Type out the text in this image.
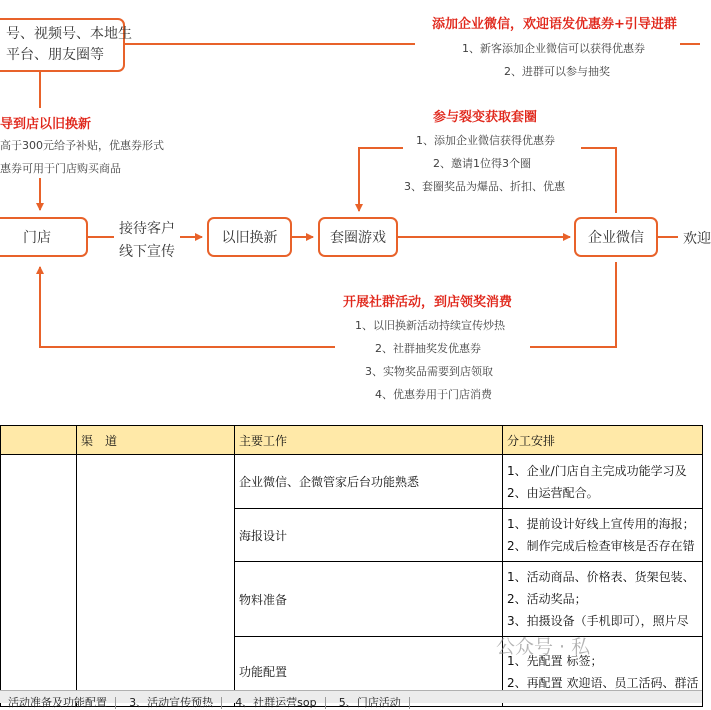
号、视频号、本地生
平台、朋友圈等
添加企业微信，欢迎语发优惠券+引导进群
1、新客添加企业微信可以获得优惠券
2、进群可以参与抽奖
导到店以旧换新
高于300元给予补贴，优惠券形式
惠券可用于门店购买商品
参与裂变获取套圈
1、添加企业微信获得优惠券
2、邀请1位得3个圈
3、套圈奖品为爆品、折扣、优惠
门店
接待客户
线下宣传
以旧换新	套圈游戏	企业微信	欢迎
开展社群活动，到店领奖消费
1、以旧换新活动持续宣传炒热
2、社群抽奖发优惠券
3、实物奖品需要到店领取
4、优惠券用于门店消费
	渠　道	主要工作	分工安排
		企业微信、企微管家后台功能熟悉	1、企业/门店自主完成功能学习及
2、由运营配合。

		海报设计	1、提前设计好线上宣传用的海报；
2、制作完成后检查审核是否存在错

		物料准备	1、活动商品、价格表、货架包装、
2、活动奖品；
3、拍摄设备（手机即可），照片尽

		功能配置	1、先配置 标签；
2、再配置 欢迎语、员工活码、群活
公众号 · 私
活动准备及功能配置 3、活动宣传预热 4、社群运营sop 5、门店活动
